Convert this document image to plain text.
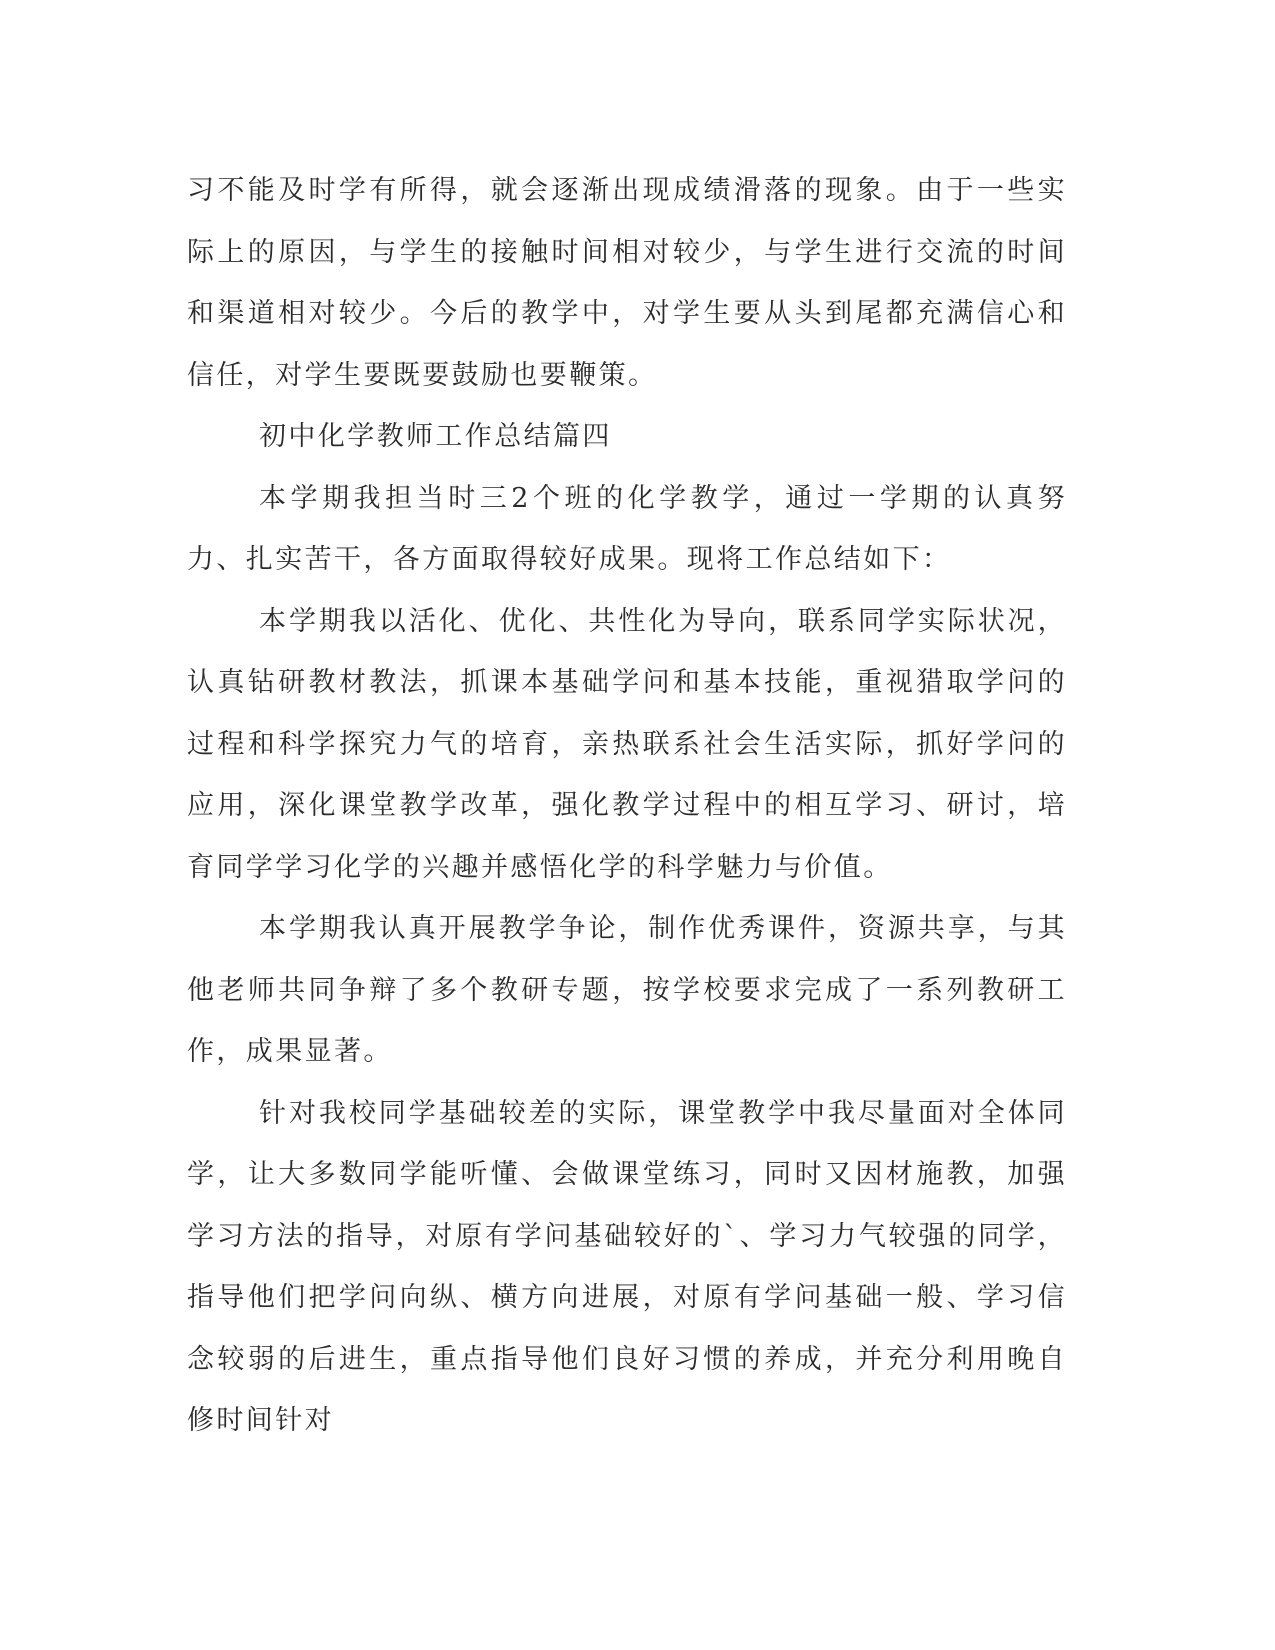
习不能及时学有所得，就会逐渐出现成绩滑落的现象。由于一些实际上的原因，与学生的接触时间相对较少，与学生进行交流的时间和渠道相对较少。今后的教学中，对学生要从头到尾都充满信心和信任，对学生要既要鼓励也要鞭策。

初中化学教师工作总结篇四

本学期我担当时三2个班的化学教学，通过一学期的认真努力、扎实苦干，各方面取得较好成果。现将工作总结如下：

本学期我以活化、优化、共性化为导向，联系同学实际状况，认真钻研教材教法，抓课本基础学问和基本技能，重视猎取学问的过程和科学探究力气的培育，亲热联系社会生活实际，抓好学问的应用，深化课堂教学改革，强化教学过程中的相互学习、研讨，培育同学学习化学的兴趣并感悟化学的科学魅力与价值。

本学期我认真开展教学争论，制作优秀课件，资源共享，与其他老师共同争辩了多个教研专题，按学校要求完成了一系列教研工作，成果显著。

针对我校同学基础较差的实际，课堂教学中我尽量面对全体同学，让大多数同学能听懂、会做课堂练习，同时又因材施教，加强学习方法的指导，对原有学问基础较好的`、学习力气较强的同学，指导他们把学问向纵、横方向进展，对原有学问基础一般、学习信念较弱的后进生，重点指导他们良好习惯的养成，并充分利用晚自修时间针对
